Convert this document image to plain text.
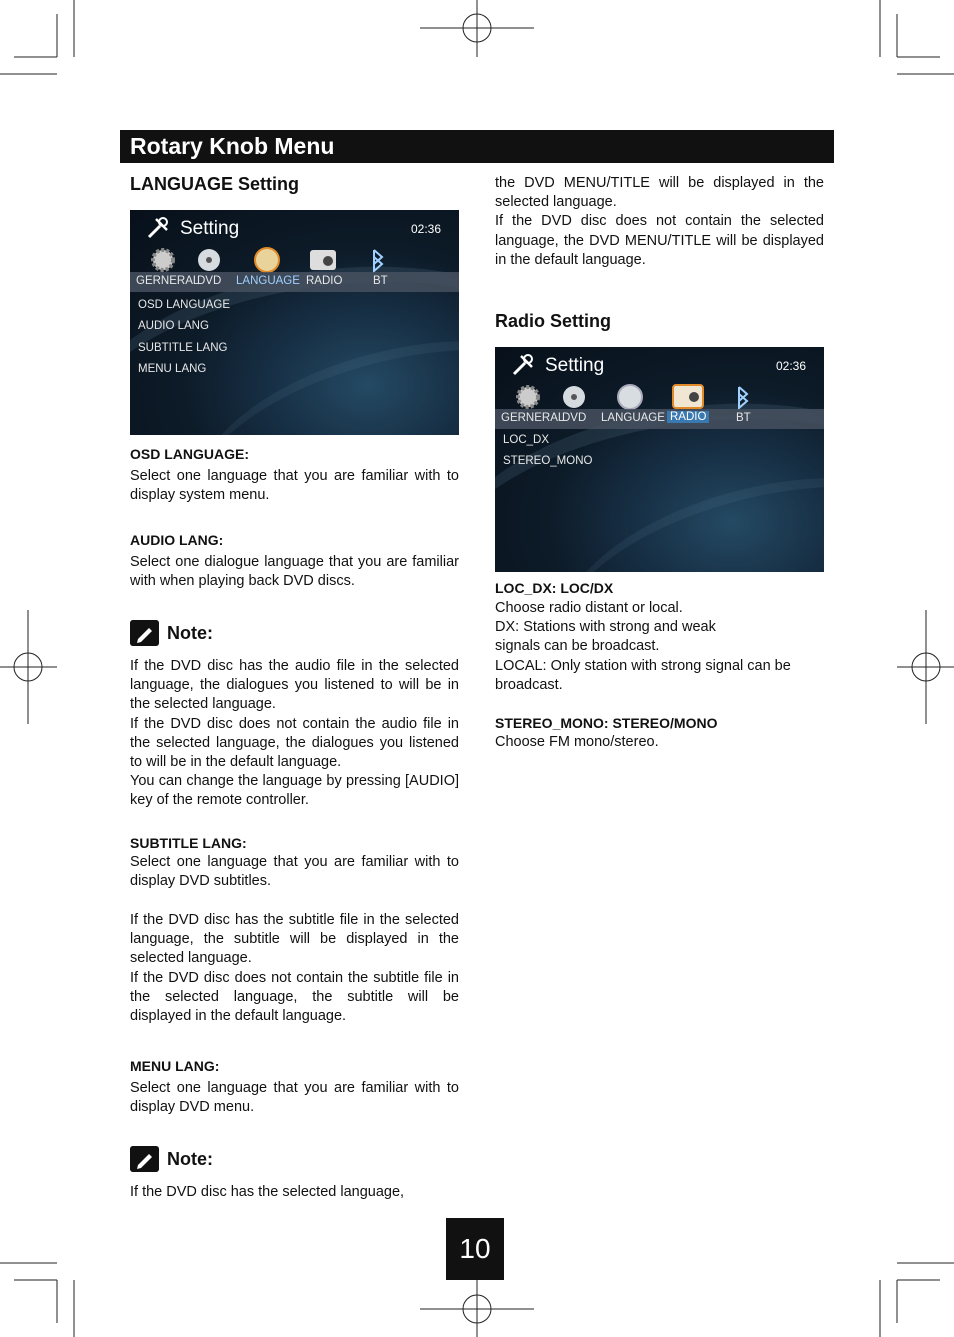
Rotary Knob Menu
LANGUAGE Setting
Setting	02:36
GERNERAL
DVD LANGUAGE RADIO	BT
OSD LANGUAGE
AUDIO LANG
SUBTITLE LANG
MENU LANG
OSD LANGUAGE:

Select one language that you are familiar with to display system menu.

AUDIO LANG:

Select one dialogue language that you are familiar with when playing back DVD discs.

Note:

If the DVD disc has the audio file in the selected language, the dialogues you listened to will be in the selected language.

If the DVD disc does not contain the audio file in the selected language, the dialogues you listened to will be in the default language.

You can change the language by pressing [AUDIO] key of the remote controller.

SUBTITLE LANG:

Select one language that you are familiar with to display DVD subtitles.

If the DVD disc has the subtitle file in the selected language, the subtitle will be displayed in the selected language.

If the DVD disc does not contain the subtitle file in the selected language, the subtitle will be displayed in the default language.

MENU LANG:

Select one language that you are familiar with to display DVD menu.

Note:

If the DVD disc has the selected language,

the DVD MENU/TITLE will be displayed in the selected language.

If the DVD disc does not contain the selected language, the DVD MENU/TITLE will be displayed in the default language.

Radio Setting
Setting	02:36
GERNERAL
DVD LANGUAGE RADIO	BT
LOC_DX
STEREO_MONO
LOC_DX: LOC/DX

Choose radio distant or local.

DX: Stations with strong and weak

signals can be broadcast.

LOCAL: Only station with strong signal can be broadcast.

STEREO_MONO: STEREO/MONO

Choose FM mono/stereo.

10
